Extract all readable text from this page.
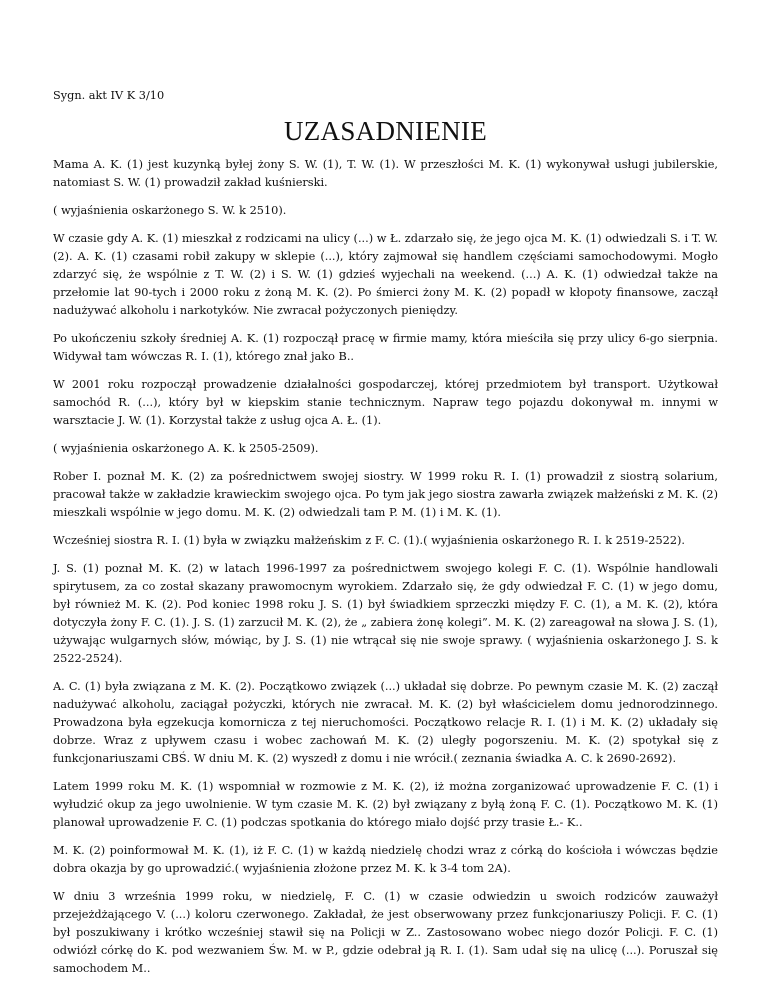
Sygn. akt IV K 3/10
UZASADNIENIE

Mama A. K. (1) jest kuzynką byłej żony S. W. (1), T. W. (1). W przeszłości M. K. (1) wykonywał usługi jubilerskie, natomiast S. W. (1) prowadził zakład kuśnierski.

( wyjaśnienia oskarżonego S. W. k 2510).

W czasie gdy A. K. (1) mieszkał z rodzicami na ulicy (...) w Ł. zdarzało się, że jego ojca M. K. (1) odwiedzali S. i T. W. (2). A. K. (1) czasami robił zakupy w sklepie (...), który zajmował się handlem częściami samochodowymi. Mogło zdarzyć się, że wspólnie z T. W. (2) i S. W. (1) gdzieś wyjechali na weekend. (...) A. K. (1) odwiedzał także na przełomie lat 90-tych i 2000 roku z żoną M. K. (2). Po śmierci żony M. K. (2) popadł w kłopoty finansowe, zaczął nadużywać alkoholu i narkotyków. Nie zwracał pożyczonych pieniędzy.

Po ukończeniu szkoły średniej A. K. (1) rozpoczął pracę w firmie mamy, która mieściła się przy ulicy 6-go sierpnia. Widywał tam wówczas R. I. (1), którego znał jako B..

W 2001 roku rozpoczął prowadzenie działalności gospodarczej, której przedmiotem był transport. Użytkował samochód R. (...), który był w kiepskim stanie technicznym. Napraw tego pojazdu dokonywał m. innymi w warsztacie J. W. (1). Korzystał także z usług ojca A. Ł. (1).

( wyjaśnienia oskarżonego A. K. k 2505-2509).

Rober I. poznał M. K. (2) za pośrednictwem swojej siostry. W 1999 roku R. I. (1) prowadził z siostrą solarium, pracował także w zakładzie krawieckim swojego ojca. Po tym jak jego siostra zawarła związek małżeński z M. K. (2) mieszkali wspólnie w jego domu. M. K. (2) odwiedzali tam P. M. (1) i M. K. (1).

Wcześniej siostra R. I. (1) była w związku małżeńskim z F. C. (1).( wyjaśnienia oskarżonego R. I. k 2519-2522).

J. S. (1) poznał M. K. (2) w latach 1996-1997 za pośrednictwem swojego kolegi F. C. (1). Wspólnie handlowali spirytusem, za co został skazany prawomocnym wyrokiem. Zdarzało się, że gdy odwiedzał F. C. (1) w jego domu, był również M. K. (2). Pod koniec 1998 roku J. S. (1) był świadkiem sprzeczki między F. C. (1), a M. K. (2), która dotyczyła żony F. C. (1). J. S. (1) zarzucił M. K. (2), że „ zabiera żonę kolegi”. M. K. (2) zareagował na słowa J. S. (1), używając wulgarnych słów, mówiąc, by J. S. (1) nie wtrącał się nie swoje sprawy. ( wyjaśnienia oskarżonego J. S. k 2522-2524).

A. C. (1) była związana z M. K. (2). Początkowo związek (...) układał się dobrze. Po pewnym czasie M. K. (2) zaczął nadużywać alkoholu, zaciągał pożyczki, których nie zwracał. M. K. (2) był właścicielem domu jednorodzinnego. Prowadzona była egzekucja komornicza z tej nieruchomości. Początkowo relacje R. I. (1) i M. K. (2) układały się dobrze. Wraz z upływem czasu i wobec zachowań M. K. (2) uległy pogorszeniu. M. K. (2) spotykał się z funkcjonariuszami CBŚ. W dniu M. K. (2) wyszedł z domu i nie wrócił.( zeznania świadka A. C. k 2690-2692).

Latem 1999 roku M. K. (1) wspomniał w rozmowie z M. K. (2), iż można zorganizować uprowadzenie F. C. (1) i wyłudzić okup za jego uwolnienie. W tym czasie M. K. (2) był związany z byłą żoną F. C. (1). Początkowo M. K. (1) planował uprowadzenie F. C. (1) podczas spotkania do którego miało dojść przy trasie Ł.- K..

M. K. (2) poinformował M. K. (1), iż F. C. (1) w każdą niedzielę chodzi wraz z córką do kościoła i wówczas będzie dobra okazja by go uprowadzić.( wyjaśnienia złożone przez M. K. k 3-4 tom 2A).

W dniu 3 września 1999 roku, w niedzielę, F. C. (1) w czasie odwiedzin u swoich rodziców zauważył przejeżdżającego V. (...) koloru czerwonego. Zakładał, że jest obserwowany przez funkcjonariuszy Policji. F. C. (1) był poszukiwany i krótko wcześniej stawił się na Policji w Z.. Zastosowano wobec niego dozór Policji. F. C. (1) odwiózł córkę do K. pod wezwaniem Św. M. w P., gdzie odebrał ją R. I. (1). Sam udał się na ulicę (...). Poruszał się samochodem M..
